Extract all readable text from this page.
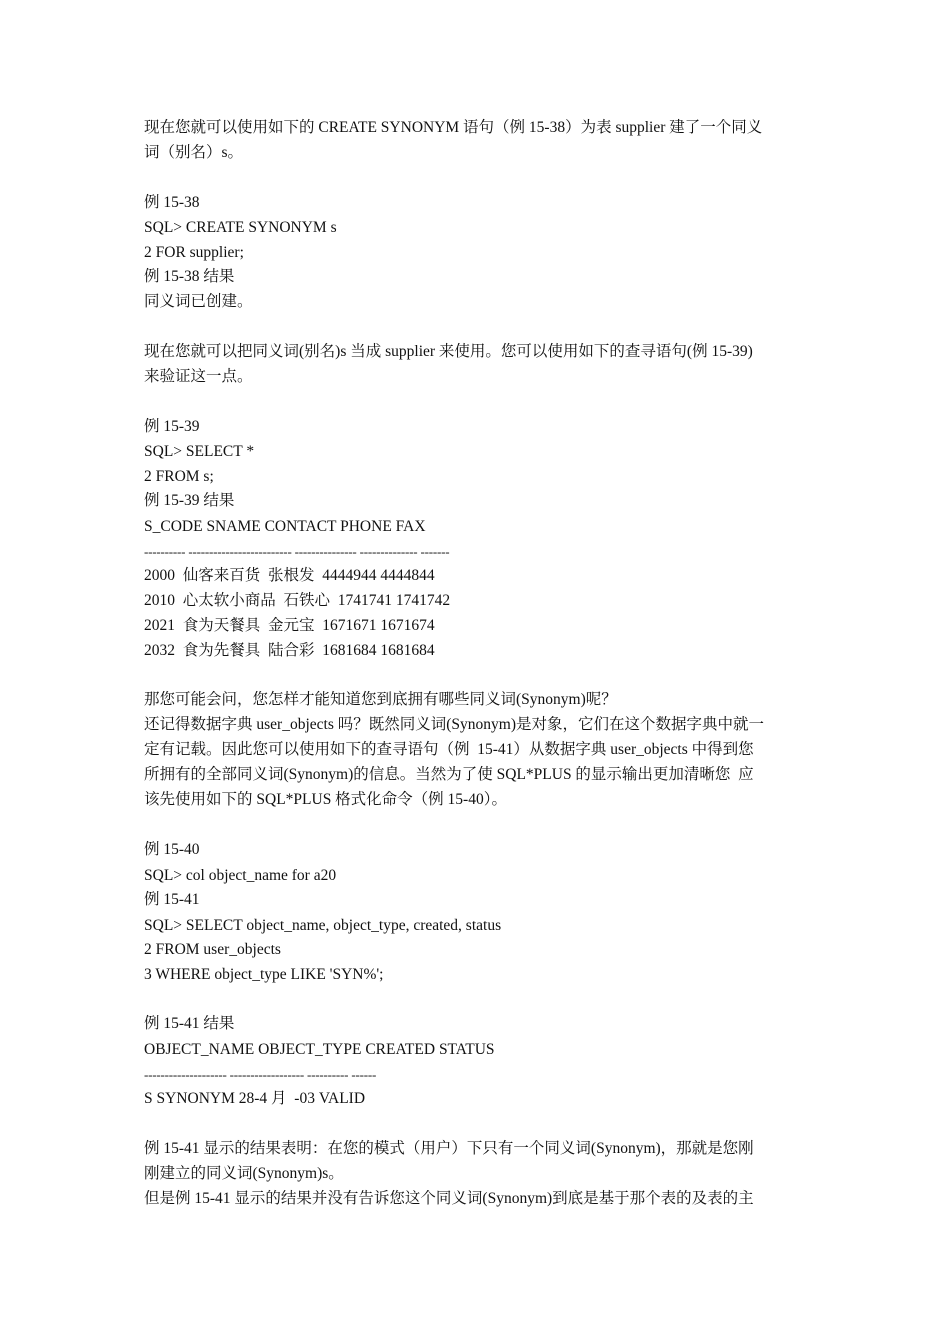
现在您就可以使用如下的 CREATE SYNONYM 语句（例 15-38）为表 supplier 建了一个同义

词（别名）s。

例 15-38

SQL> CREATE SYNONYM s

2 FOR supplier;

例 15-38 结果

同义词已创建。

现在您就可以把同义词(别名)s 当成 supplier 来使用。您可以使用如下的查寻语句(例 15-39)

来验证这一点。

例 15-39

SQL> SELECT *

2 FROM s;

例 15-39 结果

S_CODE SNAME CONTACT PHONE FAX

---------- ------------------------- --------------- -------------- -------

2000  仙客来百货  张根发  4444944 4444844

2010  心太软小商品  石铁心  1741741 1741742

2021  食为天餐具  金元宝  1671671 1671674

2032  食为先餐具  陆合彩  1681684 1681684

那您可能会问，您怎样才能知道您到底拥有哪些同义词(Synonym)呢？

还记得数据字典 user_objects 吗？既然同义词(Synonym)是对象，它们在这个数据字典中就一

定有记载。因此您可以使用如下的查寻语句（例  15-41）从数据字典 user_objects 中得到您

所拥有的全部同义词(Synonym)的信息。当然为了使 SQL*PLUS 的显示输出更加清晰您  应

该先使用如下的 SQL*PLUS 格式化命令（例 15-40）。

例 15-40

SQL> col object_name for a20

例 15-41

SQL> SELECT object_name, object_type, created, status

2 FROM user_objects

3 WHERE object_type LIKE 'SYN%';

例 15-41 结果

OBJECT_NAME OBJECT_TYPE CREATED STATUS

-------------------- ------------------ ---------- ------

S SYNONYM 28-4 月  -03 VALID

例 15-41 显示的结果表明：在您的模式（用户）下只有一个同义词(Synonym)，那就是您刚

刚建立的同义词(Synonym)s。

但是例 15-41 显示的结果并没有告诉您这个同义词(Synonym)到底是基于那个表的及表的主
